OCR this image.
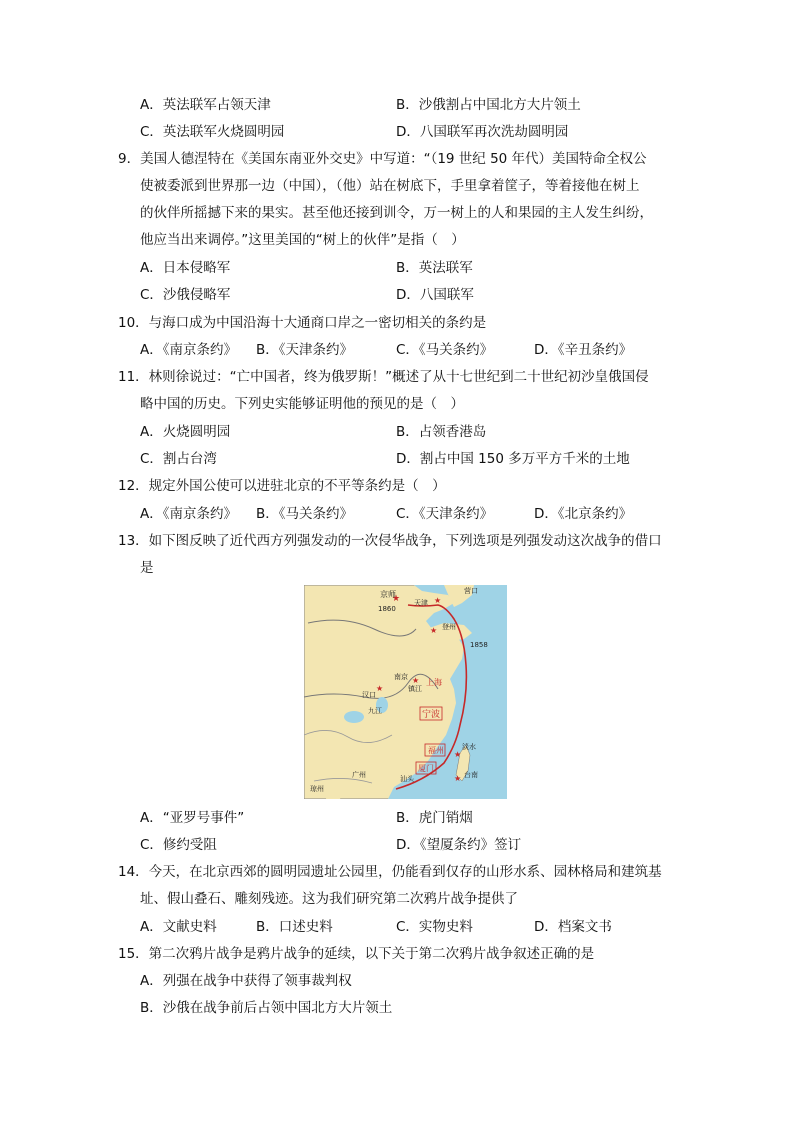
A．英法联军占领天津	B．沙俄割占中国北方大片领土
C．英法联军火烧圆明园	D．八国联军再次洗劫圆明园
9．美国人德涅特在《美国东南亚外交史》中写道：“（19 世纪 50 年代）美国特命全权公
使被委派到世界那一边（中国），（他）站在树底下，手里拿着筐子，等着接他在树上
的伙伴所摇撼下来的果实。甚至他还接到训令，万一树上的人和果园的主人发生纠纷，
他应当出来调停。”这里美国的“树上的伙伴”是指（　）
A．日本侵略军	B．英法联军
C．沙俄侵略军	D．八国联军
10．与海口成为中国沿海十大通商口岸之一密切相关的条约是
A．《南京条约》 B．《天津条约》	C．《马关条约》	D．《辛丑条约》
11．林则徐说过：“亡中国者，终为俄罗斯！”概述了从十七世纪到二十世纪初沙皇俄国侵
略中国的历史。下列史实能够证明他的预见的是（　）
A．火烧圆明园	B．占领香港岛
C．割占台湾	D．割占中国 150 多万平方千米的土地
12．规定外国公使可以进驻北京的不平等条约是（　）
A．《南京条约》 B．《马关条约》	C．《天津条约》	D．《北京条约》
13．如下图反映了近代西方列强发动的一次侵华战争，下列选项是列强发动这次战争的借口
是
★	★
★
★
★
★
★
京师
1860
天津
营口
登州
1858
南京
镇江
上海
汉口
九江	宁波
福州
厦门
淡水
台南
广州	汕头
琼州
A．“亚罗号事件”	B．虎门销烟
C．修约受阻	D．《望厦条约》签订
14．今天，在北京西郊的圆明园遗址公园里，仍能看到仅存的山形水系、园林格局和建筑基
址、假山叠石、雕刻残迹。这为我们研究第二次鸦片战争提供了
A．文献史料	B．口述史料	C．实物史料	D．档案文书
15．第二次鸦片战争是鸦片战争的延续，以下关于第二次鸦片战争叙述正确的是
A．列强在战争中获得了领事裁判权
B．沙俄在战争前后占领中国北方大片领土
